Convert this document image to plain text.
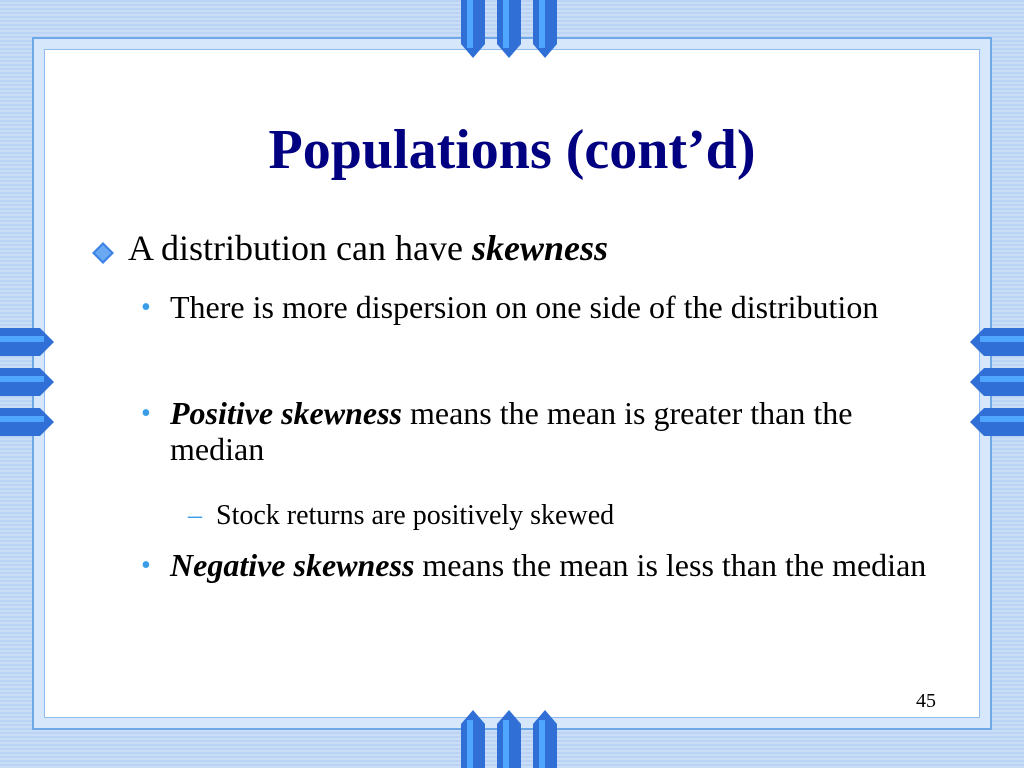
Populations (cont’d)
A distribution can have skewness
• There is more dispersion on one side of the distribution
• Positive skewness means the mean is greater than the median
– Stock returns are positively skewed
• Negative skewness means the mean is less than the median
45
